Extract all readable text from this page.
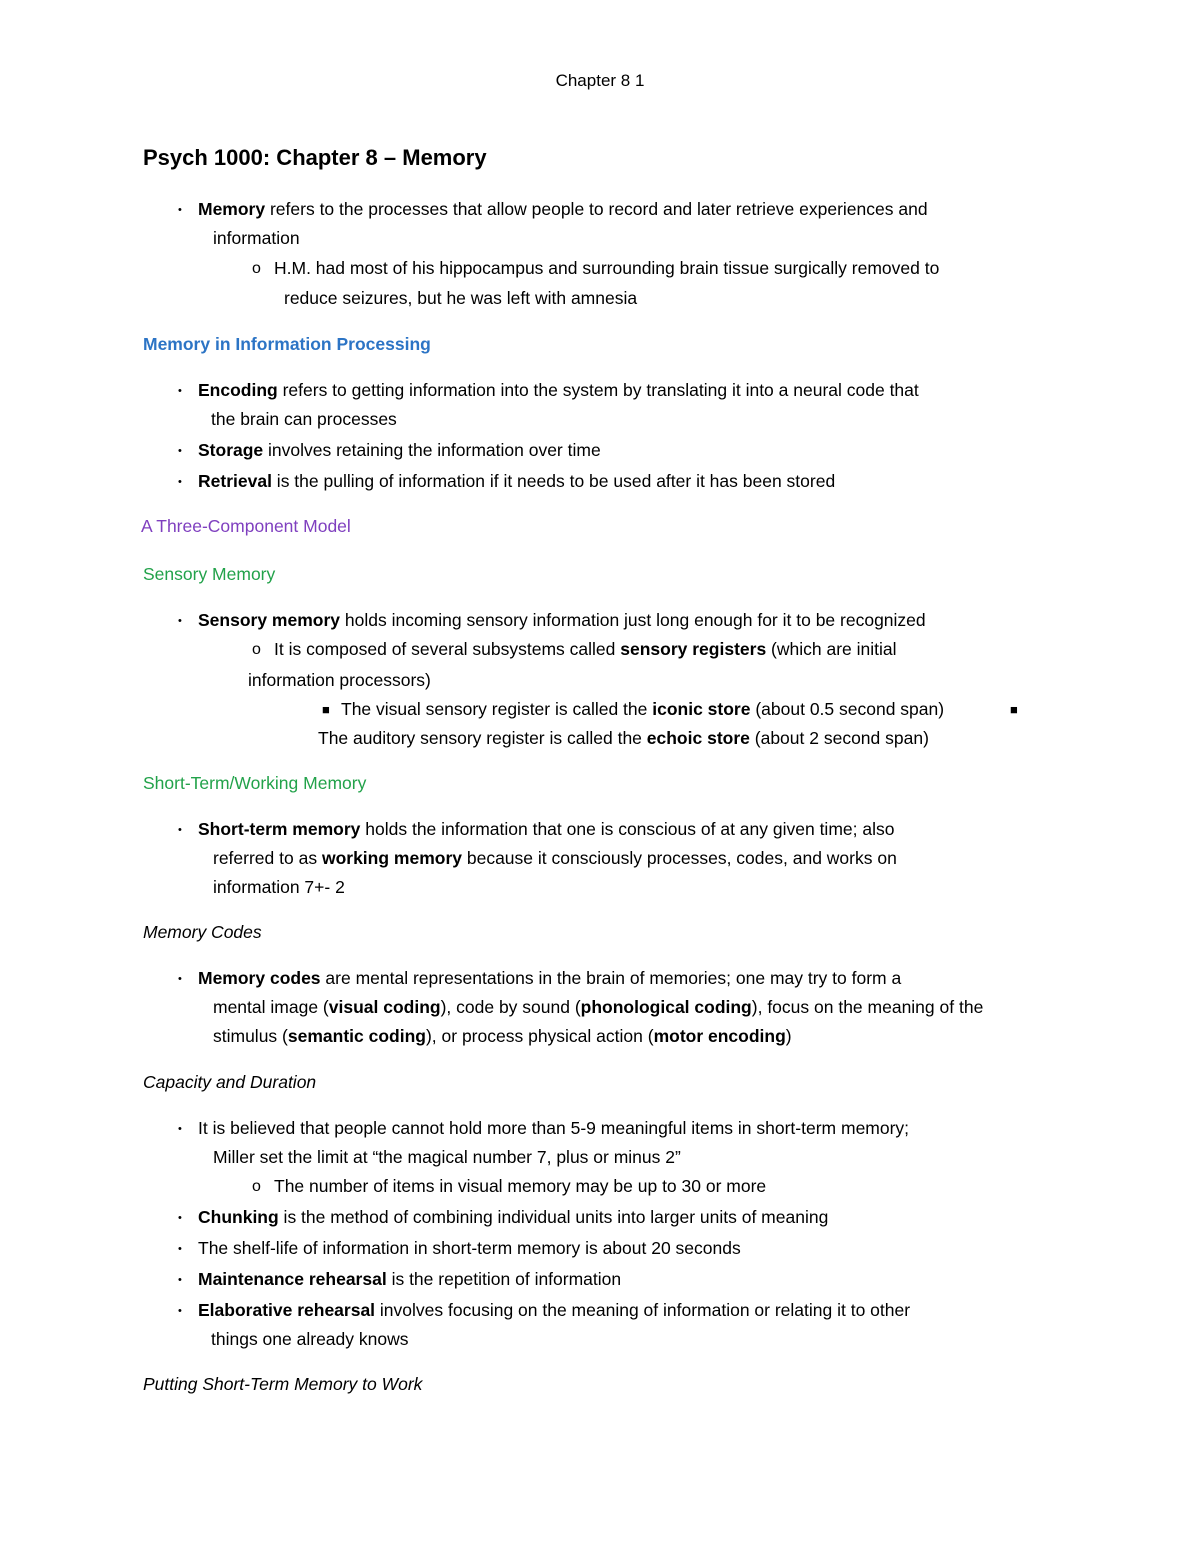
Chapter 8 1
Psych 1000: Chapter 8 – Memory
• Memory refers to the processes that allow people to record and later retrieve experiences and
information
o H.M. had most of his hippocampus and surrounding brain tissue surgically removed to
reduce seizures, but he was left with amnesia
Memory in Information Processing
• Encoding refers to getting information into the system by translating it into a neural code that
the brain can processes
• Storage involves retaining the information over time
• Retrieval is the pulling of information if it needs to be used after it has been stored
A Three-Component Model
Sensory Memory
• Sensory memory holds incoming sensory information just long enough for it to be recognized
o It is composed of several subsystems called sensory registers (which are initial
information processors)
■ The visual sensory register is called the iconic store (about 0.5 second span)	■
The auditory sensory register is called the echoic store (about 2 second span)
Short-Term/Working Memory
• Short-term memory holds the information that one is conscious of at any given time; also
referred to as working memory because it consciously processes, codes, and works on
information 7+- 2
Memory Codes
• Memory codes are mental representations in the brain of memories; one may try to form a
mental image (visual coding), code by sound (phonological coding), focus on the meaning of the
stimulus (semantic coding), or process physical action (motor encoding)
Capacity and Duration
• It is believed that people cannot hold more than 5-9 meaningful items in short-term memory;
Miller set the limit at “the magical number 7, plus or minus 2”
o The number of items in visual memory may be up to 30 or more
• Chunking is the method of combining individual units into larger units of meaning
• The shelf-life of information in short-term memory is about 20 seconds
• Maintenance rehearsal is the repetition of information
• Elaborative rehearsal involves focusing on the meaning of information or relating it to other
things one already knows
Putting Short-Term Memory to Work
